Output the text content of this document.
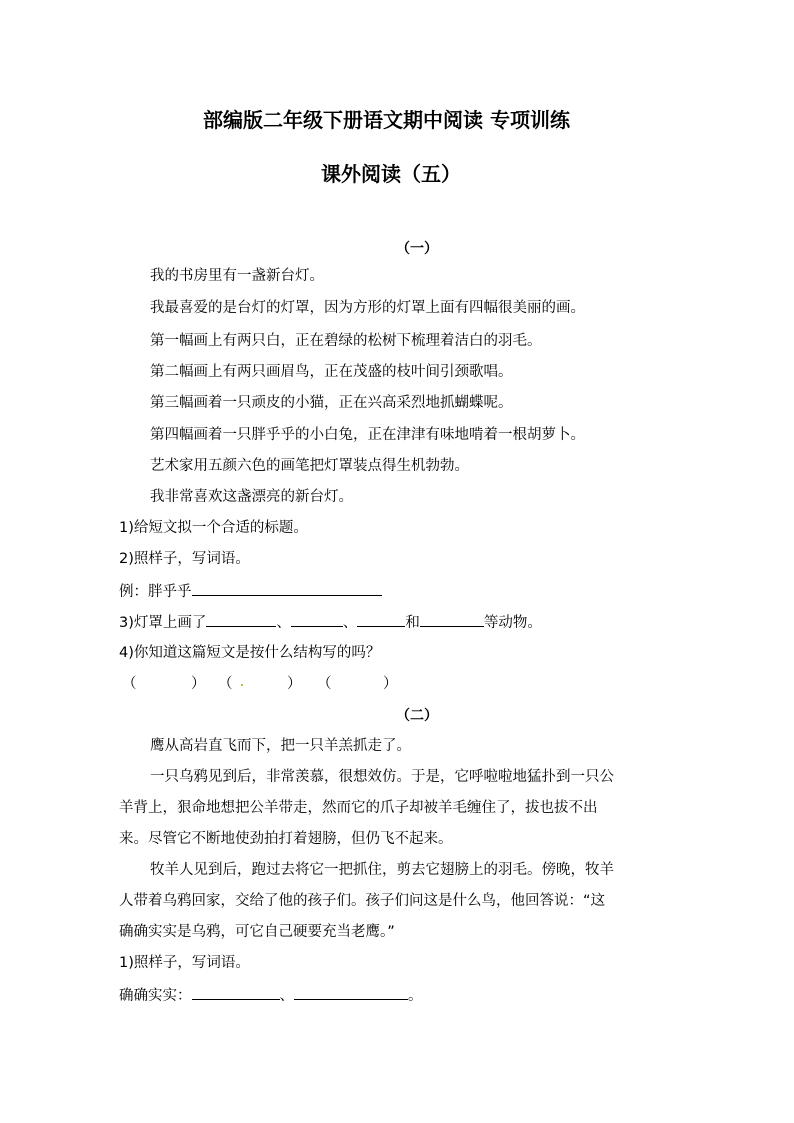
部编版二年级下册语文期中阅读 专项训练
课外阅读（五）
（一）
我的书房里有一盏新台灯。
我最喜爱的是台灯的灯罩，因为方形的灯罩上面有四幅很美丽的画。
第一幅画上有两只白，正在碧绿的松树下梳理着洁白的羽毛。
第二幅画上有两只画眉鸟，正在茂盛的枝叶间引颈歌唱。
第三幅画着一只顽皮的小猫，正在兴高采烈地抓蝴蝶呢。
第四幅画着一只胖乎乎的小白兔，正在津津有味地啃着一根胡萝卜。
艺术家用五颜六色的画笔把灯罩装点得生机勃勃。
我非常喜欢这盏漂亮的新台灯。
1)给短文拟一个合适的标题。
2)照样子，写词语。
例：胖乎乎
3)灯罩上画了	、	、	和	等动物。
4)你知道这篇短文是按什么结构写的吗？
（	） （	） （	）
（二）
鹰从高岩直飞而下，把一只羊羔抓走了。
一只乌鸦见到后，非常羡慕，很想效仿。于是，它呼啦啦地猛扑到一只公
羊背上，狠命地想把公羊带走，然而它的爪子却被羊毛缠住了，拔也拔不出
来。尽管它不断地使劲拍打着翅膀，但仍飞不起来。
牧羊人见到后，跑过去将它一把抓住，剪去它翅膀上的羽毛。傍晚，牧羊
人带着乌鸦回家，交给了他的孩子们。孩子们问这是什么鸟，他回答说：“这
确确实实是乌鸦，可它自己硬要充当老鹰。”
1)照样子，写词语。
确确实实：	、	。
